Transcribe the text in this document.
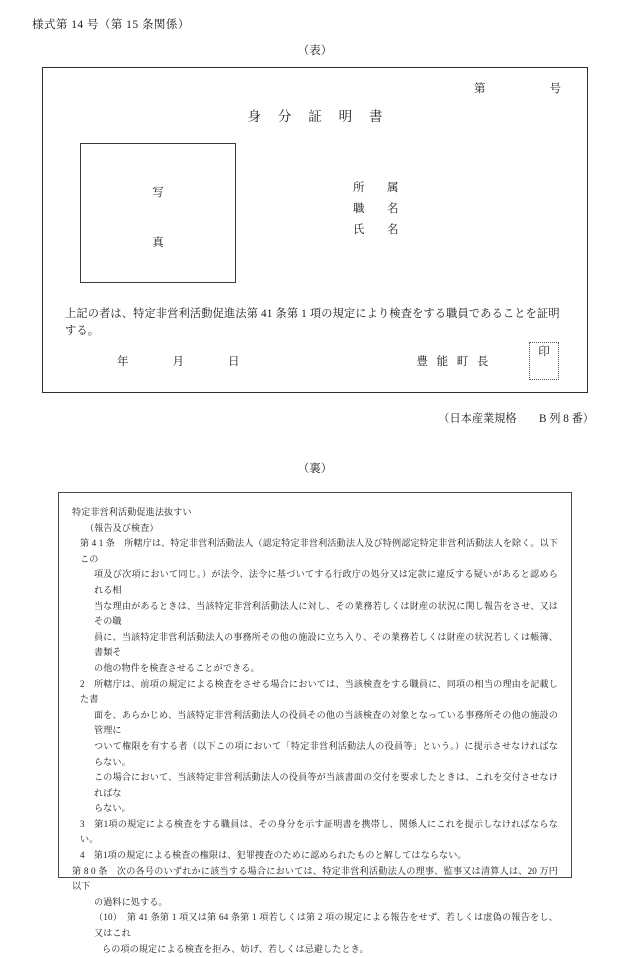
様式第 14 号（第 15 条関係）
（表）
第	号
身分証明書
写
真
所 属
職 名
氏 名
上記の者は、特定非営利活動促進法第 41 条第 1 項の規定により検査をする職員であることを証明する。
年	月	日	豊能町長
印
（日本産業規格　　B 列 8 番）
（裏）
特定非営利活動促進法抜すい
（報告及び検査）
第 4 1 条　所轄庁は、特定非営利活動法人（認定特定非営利活動法人及び特例認定特定非営利活動法人を除く。以下この
項及び次項において同じ。）が法令、法令に基づいてする行政庁の処分又は定款に違反する疑いがあると認められる相
当な理由があるときは、当該特定非営利活動法人に対し、その業務若しくは財産の状況に関し報告をさせ、又はその職
員に、当該特定非営利活動法人の事務所その他の施設に立ち入り、その業務若しくは財産の状況若しくは帳簿、書類そ
の他の物件を検査させることができる。
2　所轄庁は、前項の規定による検査をさせる場合においては、当該検査をする職員に、同項の相当の理由を記載した書
面を、あらかじめ、当該特定非営利活動法人の役員その他の当該検査の対象となっている事務所その他の施設の管理に
ついて権限を有する者（以下この項において「特定非営利活動法人の役員等」という。）に提示させなければならない。
この場合において、当該特定非営利活動法人の役員等が当該書面の交付を要求したときは、これを交付させなければな
らない。
3　第1項の規定による検査をする職員は、その身分を示す証明書を携帯し、関係人にこれを提示しなければならない。
4　第1項の規定による検査の権限は、犯罪捜査のために認められたものと解してはならない。
第 8 0 条　次の各号のいずれかに該当する場合においては、特定非営利活動法人の理事、監事又は清算人は、20 万円以下
の過料に処する。
（10）　第 41 条第 1 項又は第 64 条第 1 項若しくは第 2 項の規定による報告をせず、若しくは虚偽の報告をし、又はこれ
らの項の規定による検査を拒み、妨げ、若しくは忌避したとき。
